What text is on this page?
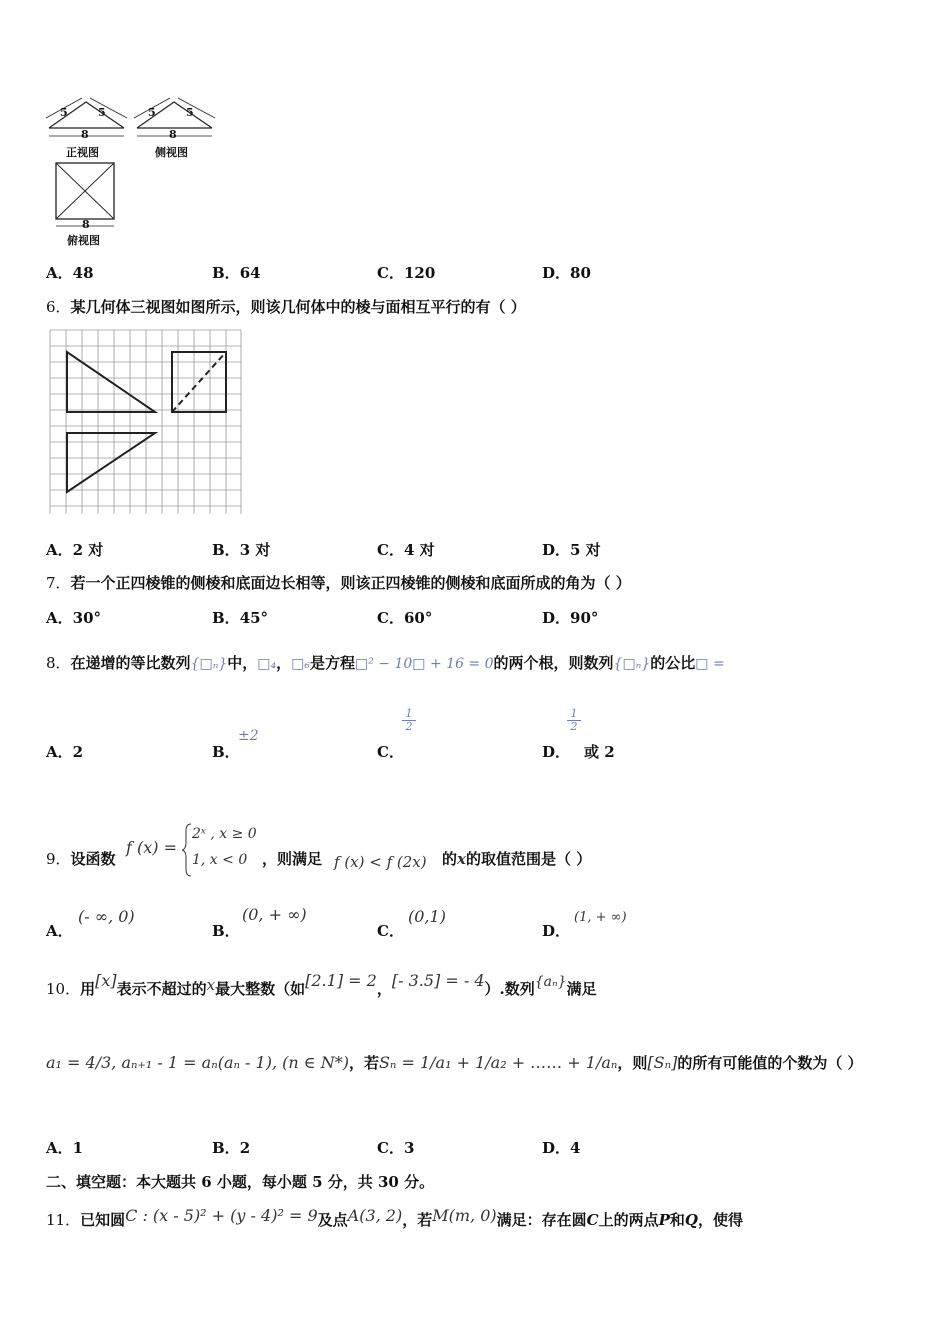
5	5
8
正视图
5	5
8
侧视图
8
俯视图
A．48	B．64	C．120	D．80
6．某几何体三视图如图所示，则该几何体中的棱与面相互平行的有（ ）
A．2 对	B．3 对	C．4 对	D．5 对
7．若一个正四棱锥的侧棱和底面边长相等，则该正四棱锥的侧棱和底面所成的角为（ ）
A．30°	B．45°	C．60°	D．90°
8．在递增的等比数列{□ₙ}中，□₄，□₆是方程□² − 10□ + 16 = 0的两个根，则数列{□ₙ}的公比□ =
A．2	B．
±2
C．
1
2
D． 或 2
1
2
9．设函数
f (x) =
2ˣ , x ≥ 0
1, x < 0 ，则满足 f (x) < f (2x) 的x的取值范围是（ ）
A．
(- ∞, 0)
B．
(0, + ∞)
C．
(0,1)
D．
(1, + ∞)
10．用[x]表示不超过的x最大整数（如[2.1] = 2，[- 3.5] = - 4）.数列{aₙ}满足
a₁ = 4/3, aₙ₊₁ - 1 = aₙ(aₙ - 1), (n ∈ N*)，若Sₙ = 1/a₁ + 1/a₂ + …… + 1/aₙ，则[Sₙ]的所有可能值的个数为（ ）
A．1	B．2	C．3	D．4
二、填空题：本大题共 6 小题，每小题 5 分，共 30 分。
11．已知圆C : (x - 5)² + (y - 4)² = 9及点A(3, 2)，若M(m, 0)满足：存在圆C上的两点P和Q，使得
